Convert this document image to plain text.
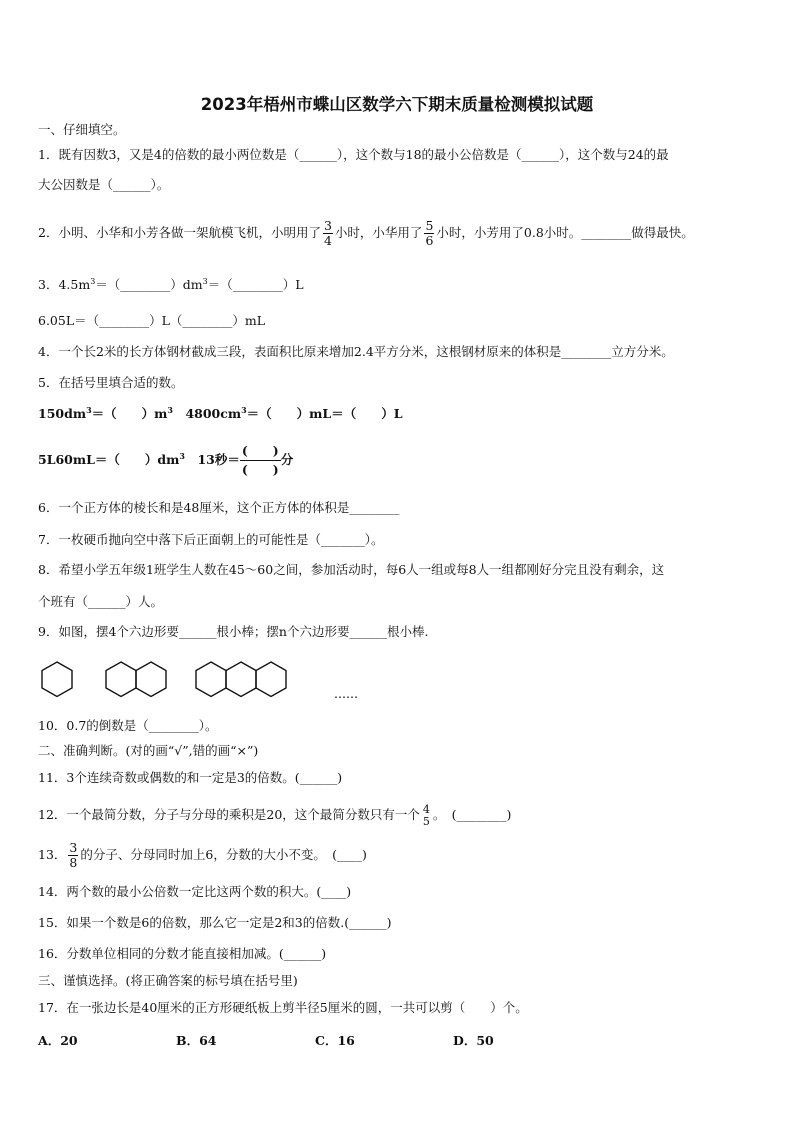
2023年梧州市蝶山区数学六下期末质量检测模拟试题
一、仔细填空。
1．既有因数3，又是4的倍数的最小两位数是（______），这个数与18的最小公倍数是（______），这个数与24的最
大公因数是（______）。
2．小明、小华和小芳各做一架航模飞机，小明用了 $\frac{3}{4}$ 小时，小华用了 $\frac{5}{6}$ 小时，小芳用了0.8小时。________做得最快。
3．$4.5m^3=(\_\_\_\_\_\_\_\_)dm^3=(\_\_\_\_\_\_\_\_)L$
6.05L＝（________）L（________）mL
4．一个长2米的长方体钢材截成三段，表面积比原来增加2.4平方分米，这根钢材原来的体积是________立方分米。
5．在括号里填合适的数。
$150dm^3=$（　　）$m^3$　$4800cm^3=$（　　）mL＝（　　）L
5L60mL＝（　　）$dm^3$　13秒＝
(　　)
(　　)分
6．一个正方体的棱长和是48厘米，这个正方体的体积是________
7．一枚硬币抛向空中落下后正面朝上的可能性是（_______）。
8．希望小学五年级1班学生人数在45～60之间，参加活动时，每6人一组或每8人一组都刚好分完且没有剩余，这
个班有（______）人。
9．如图，摆4个六边形要______根小棒；摆n个六边形要______根小棒.
……
10．0.7的倒数是（________）。
二、准确判断。(对的画“√”,错的画“×”)
11．3个连续奇数或偶数的和一定是3的倍数。(______)
12．一个最简分数，分子与分母的乘积是20，这个最简分数只有一个 4
5 。　(________)
13． $\frac{3}{8}$ 的分子、分母同时加上6，分数的大小不变。　(____)
14．两个数的最小公倍数一定比这两个数的积大。(____)
15．如果一个数是6的倍数，那么它一定是2和3的倍数.(______)
16．分数单位相同的分数才能直接相加减。(______)
三、谨慎选择。(将正确答案的标号填在括号里)
17．在一张边长是40厘米的正方形硬纸板上剪半径5厘米的圆，一共可以剪（　　）个。
A．20	B．64	C．16	D．50
